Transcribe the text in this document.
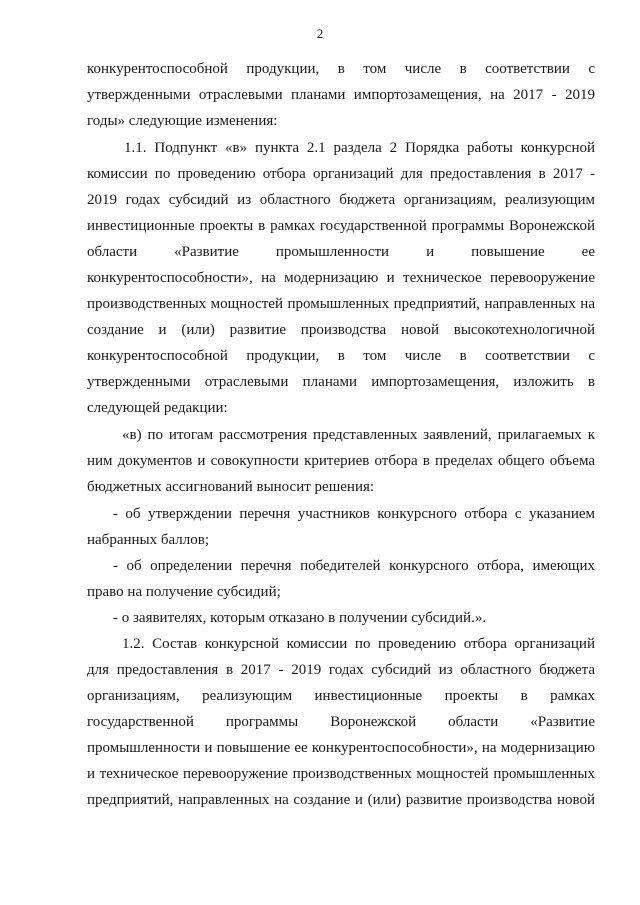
2
конкурентоспособной продукции, в том числе в соответствии с
утвержденными отраслевыми планами импортозамещения, на 2017 - 2019
годы» следующие изменения:
1.1. Подпункт «в» пункта 2.1 раздела 2 Порядка работы конкурсной
комиссии по проведению отбора организаций для предоставления в 2017 -
2019 годах субсидий из областного бюджета организациям, реализующим
инвестиционные проекты в рамках государственной программы Воронежской
области «Развитие промышленности и повышение ее
конкурентоспособности», на модернизацию и техническое перевооружение
производственных мощностей промышленных предприятий, направленных на
создание и (или) развитие производства новой высокотехнологичной
конкурентоспособной продукции, в том числе в соответствии с
утвержденными отраслевыми планами импортозамещения, изложить в
следующей редакции:
«в) по итогам рассмотрения представленных заявлений, прилагаемых к
ним документов и совокупности критериев отбора в пределах общего объема
бюджетных ассигнований выносит решения:
- об утверждении перечня участников конкурсного отбора с указанием
набранных баллов;
- об определении перечня победителей конкурсного отбора, имеющих
право на получение субсидий;
- о заявителях, которым отказано в получении субсидий.».
1.2. Состав конкурсной комиссии по проведению отбора организаций
для предоставления в 2017 - 2019 годах субсидий из областного бюджета
организациям, реализующим инвестиционные проекты в рамках
государственной программы Воронежской области «Развитие
промышленности и повышение ее конкурентоспособности», на модернизацию
и техническое перевооружение производственных мощностей промышленных
предприятий, направленных на создание и (или) развитие производства новой
